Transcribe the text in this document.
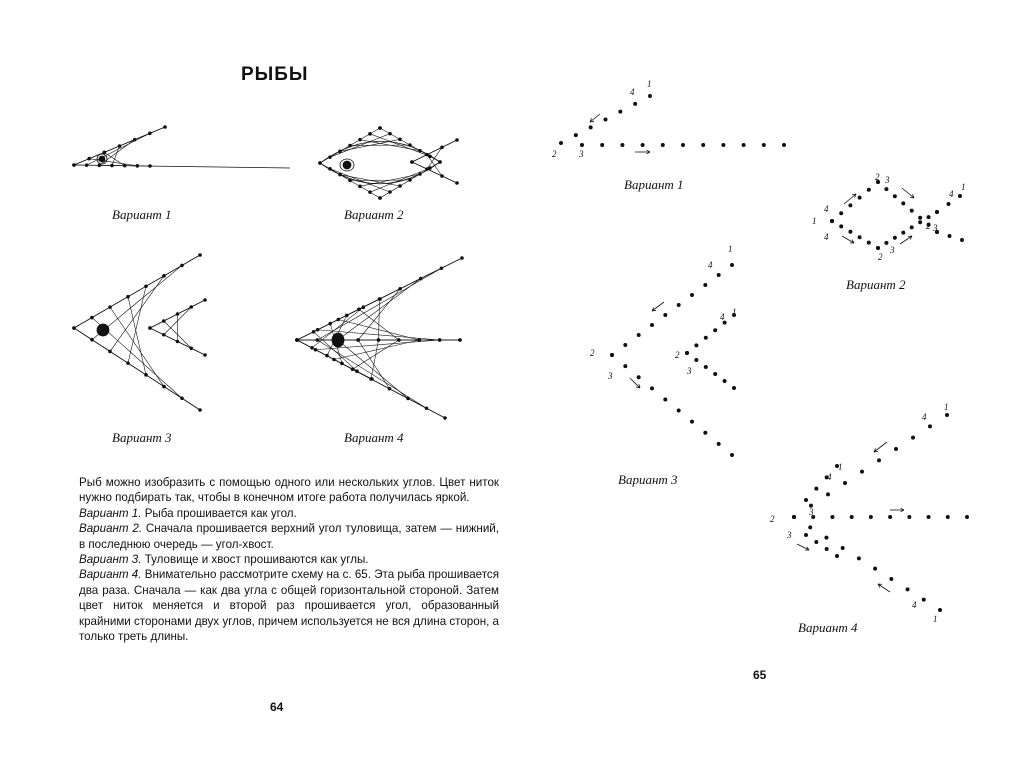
РЫБЫ
Вариант 1	Вариант 2
Вариант 3	Вариант 4

Рыб можно изобразить с помощью одного или нескольких углов. Цвет ниток нужно подбирать так, чтобы в конечном итоге работа получилась яркой.

Вариант 1. Рыба прошивается как угол.

Вариант 2. Сначала прошивается верхний угол туловища, затем — нижний, в последнюю очередь — угол-хвост.

Вариант 3. Туловище и хвост прошиваются как углы.

Вариант 4. Внимательно рассмотрите схему на с. 65. Эта рыба прошивается два раза. Сначала — как два угла с общей горизонтальной стороной. Затем цвет ниток меняется и второй раз прошивается угол, образованный крайними сторонами двух углов, причем используется не вся длина сторон, а только треть длины.

64
1
4
2	3
1
4
4
2 3
2
3
1
4
2 3
1
4
2
3
1
4
2
3
1
4
1
4
2
3
3
4
1
Вариант 1
Вариант 2
Вариант 3
Вариант 4
65
